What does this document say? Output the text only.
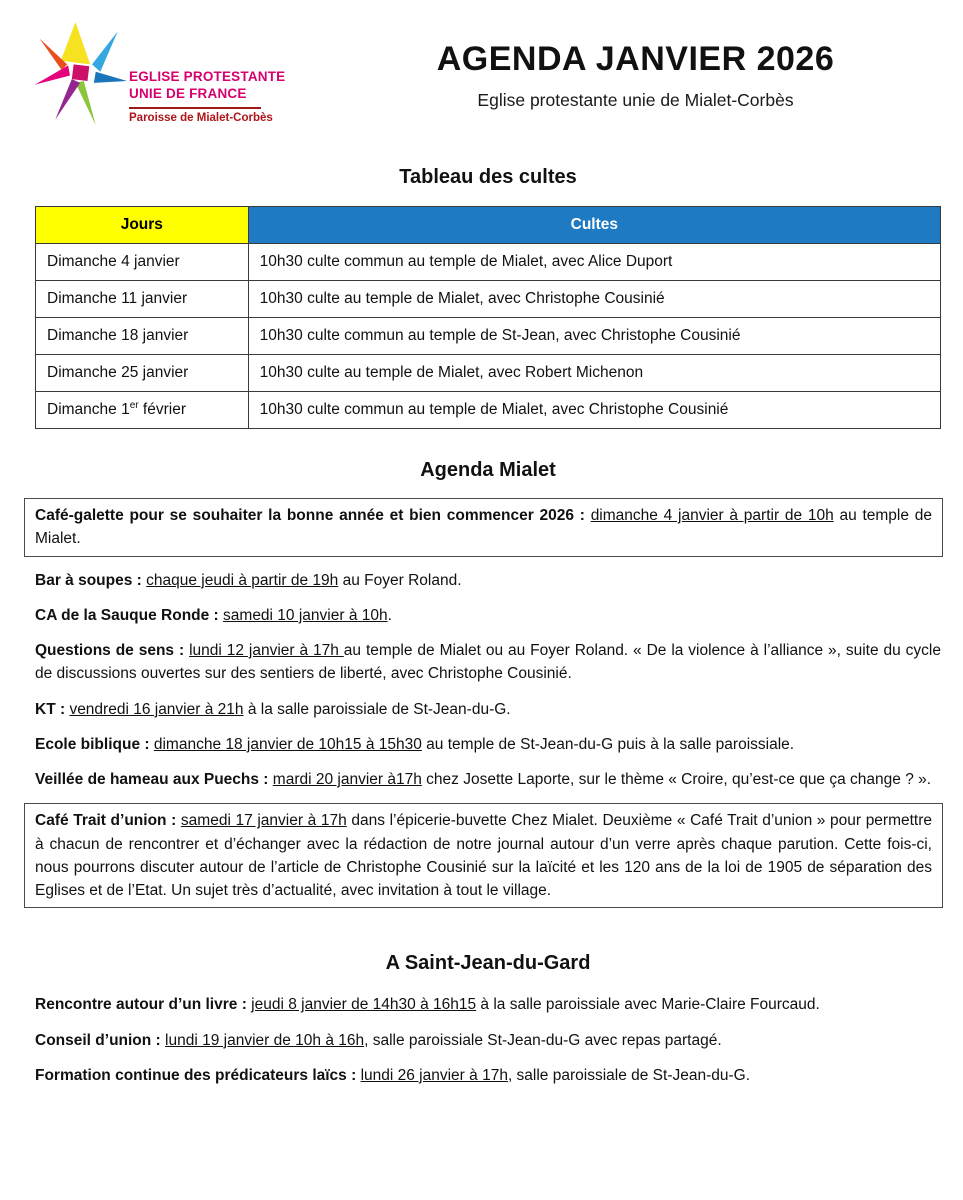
EGLISE PROTESTANTE
UNIE DE FRANCE
Paroisse de Mialet-Corbès
AGENDA JANVIER 2026
Eglise protestante unie de Mialet-Corbès
Tableau des cultes
Jours	Cultes
Dimanche 4 janvier	10h30 culte commun au temple de Mialet, avec Alice Duport
Dimanche 11 janvier	10h30 culte au temple de Mialet, avec Christophe Cousinié
Dimanche 18 janvier	10h30 culte commun au temple de St-Jean, avec Christophe Cousinié
Dimanche 25 janvier	10h30 culte au temple de Mialet, avec Robert Michenon
Dimanche 1er février	10h30 culte commun au temple de Mialet, avec Christophe Cousinié
Agenda Mialet

Café-galette pour se souhaiter la bonne année et bien commencer 2026 : dimanche 4 janvier à partir de 10h au temple de Mialet.

Bar à soupes : chaque jeudi à partir de 19h au Foyer Roland.

CA de la Sauque Ronde : samedi 10 janvier à 10h.

Questions de sens : lundi 12 janvier à 17h au temple de Mialet ou au Foyer Roland. « De la violence à l’alliance », suite du cycle de discussions ouvertes sur des sentiers de liberté, avec Christophe Cousinié.

KT : vendredi 16 janvier à 21h à la salle paroissiale de St-Jean-du-G.

Ecole biblique : dimanche 18 janvier de 10h15 à 15h30 au temple de St-Jean-du-G puis à la salle paroissiale.

Veillée de hameau aux Puechs : mardi 20 janvier à17h chez Josette Laporte, sur le thème « Croire, qu’est-ce que ça change ? ».

Café Trait d’union : samedi 17 janvier à 17h dans l’épicerie-buvette Chez Mialet. Deuxième « Café Trait d’union » pour permettre à chacun de rencontrer et d’échanger avec la rédaction de notre journal autour d’un verre après chaque parution. Cette fois-ci, nous pourrons discuter autour de l’article de Christophe Cousinié sur la laïcité et les 120 ans de la loi de 1905 de séparation des Eglises et de l’Etat. Un sujet très d’actualité, avec invitation à tout le village.

A Saint-Jean-du-Gard

Rencontre autour d’un livre : jeudi 8 janvier de 14h30 à 16h15 à la salle paroissiale avec Marie-Claire Fourcaud.

Conseil d’union : lundi 19 janvier de 10h à 16h, salle paroissiale St-Jean-du-G avec repas partagé.

Formation continue des prédicateurs laïcs : lundi 26 janvier à 17h, salle paroissiale de St-Jean-du-G.
